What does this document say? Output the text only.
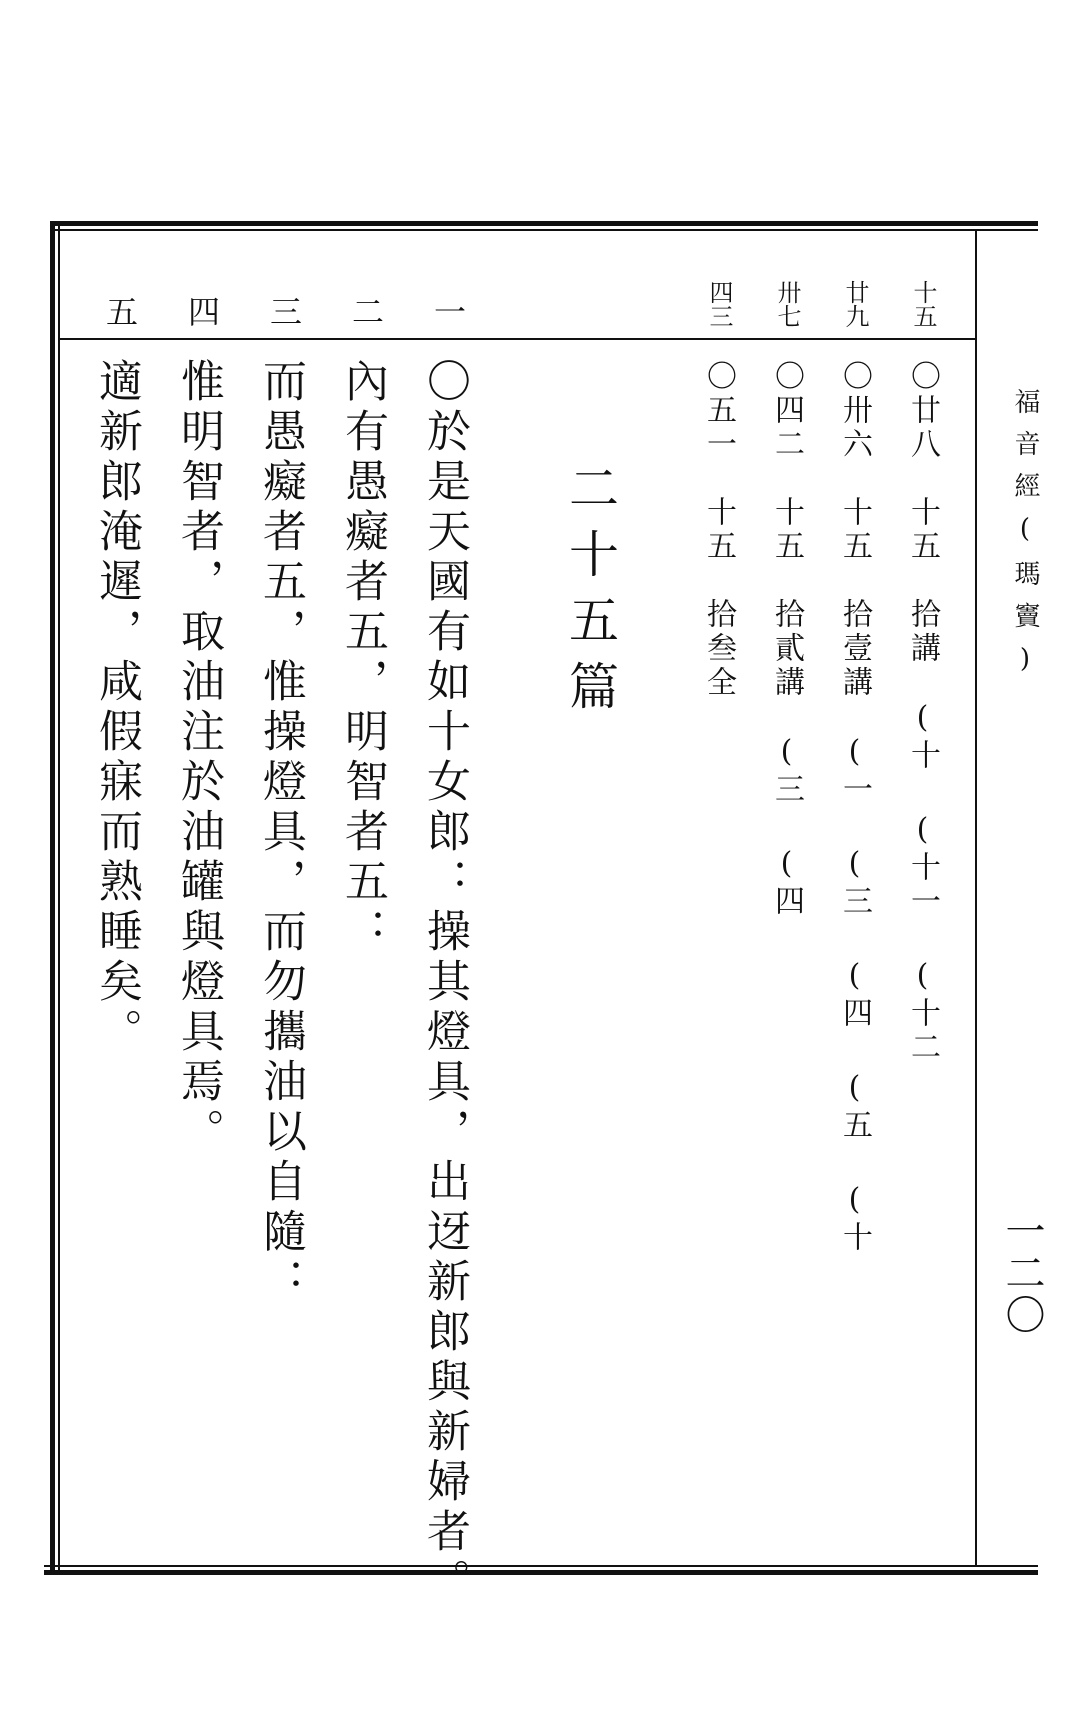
福音經(瑪竇)
一二〇
十五
〇廿八　十五　拾講　(十 (十一 (十二
廿九
〇卅六　十五　拾壹講　(一 (三 (四 (五 (十
卅七
〇四二　十五　拾貳講　(三 (四
四三
〇五一　十五　拾叁全
二十五篇
一
二
三
四
五
〇於是天國有如十女郎：操其燈具，出迓新郎與新婦者。
內有愚癡者五，明智者五：
而愚癡者五，惟操燈具，而勿攜油以自隨：
惟明智者，取油注於油罐與燈具焉。
適新郎淹遲，咸假寐而熟睡矣。
